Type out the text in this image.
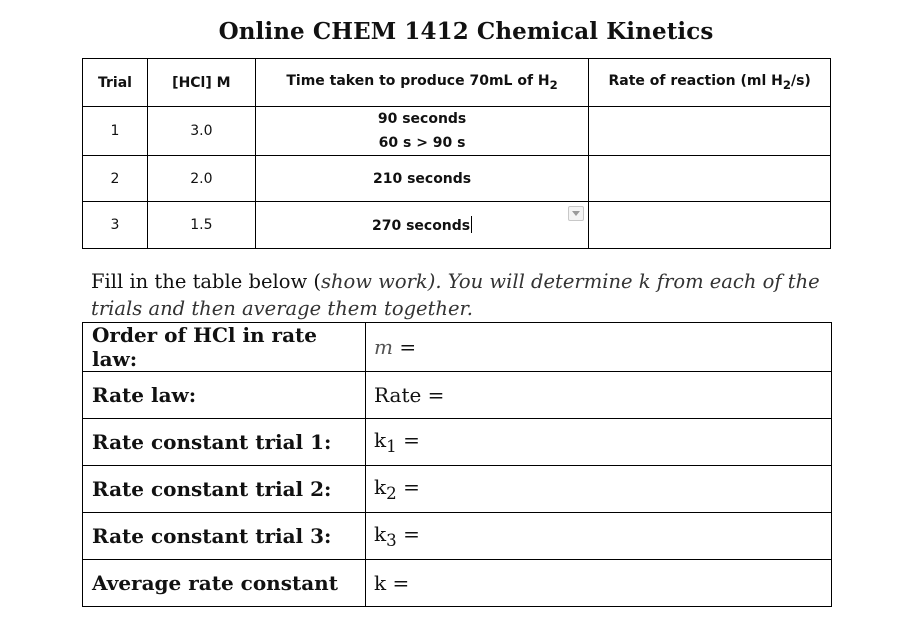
Online CHEM 1412 Chemical Kinetics
Trial	[HCl] M	Time taken to produce 70mL of $H_2$	Rate of reaction (ml $H_2/s$)
1	3.0	90 seconds
60 s > 90 s	

2	2.0	210 seconds	
3	1.5	270 seconds

Fill in the table below (show work). You will determine k from each of the trials and then average them together.
Order of HCl in rate law:	m =
Rate law:	Rate =
Rate constant trial 1:	$k_1$ =
Rate constant trial 2:	$k_2$ =
Rate constant trial 3:	$k_3$ =
Average rate constant	k =
